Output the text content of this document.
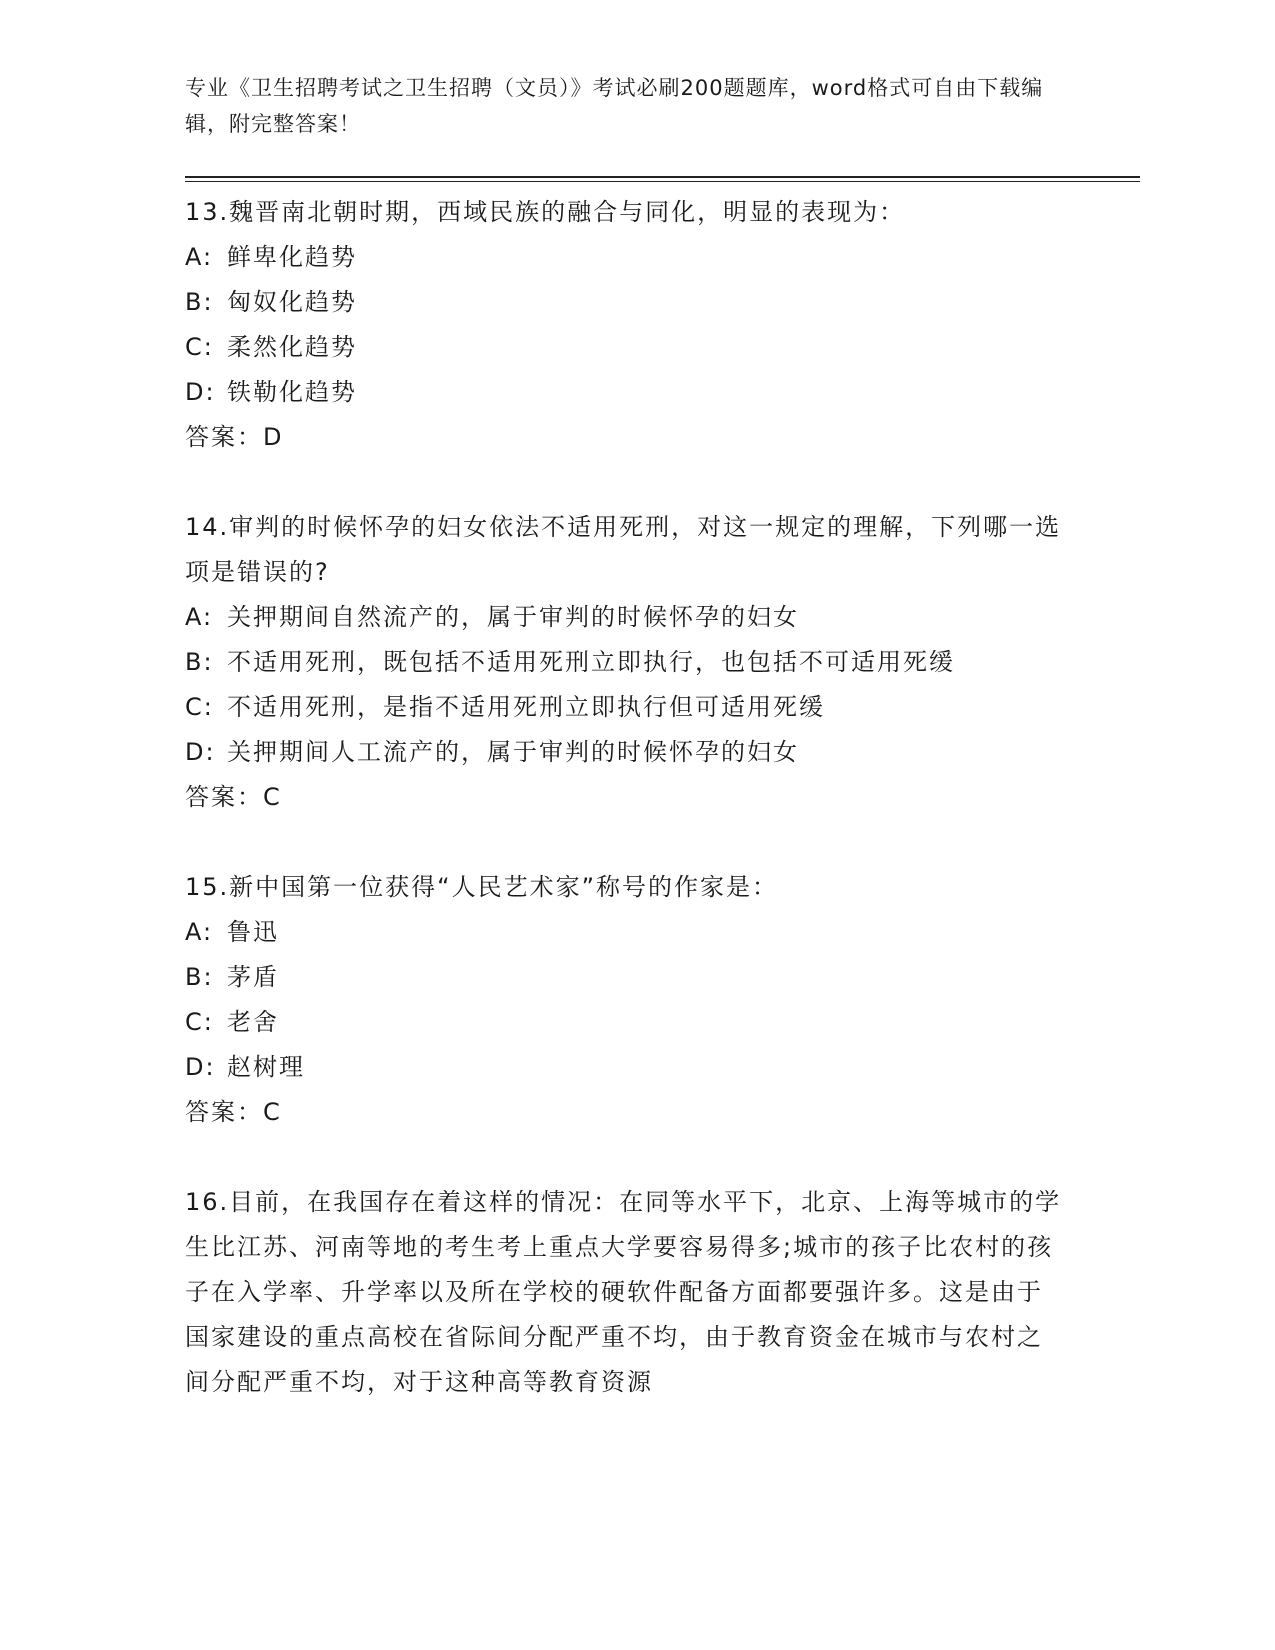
专业《卫生招聘考试之卫生招聘（文员）》考试必刷200题题库，word格式可自由下载编辑，附完整答案！
13.魏晋南北朝时期，西域民族的融合与同化，明显的表现为：
A: 鲜卑化趋势
B: 匈奴化趋势
C: 柔然化趋势
D: 铁勒化趋势
答案：D
14.审判的时候怀孕的妇女依法不适用死刑，对这一规定的理解，下列哪一选项是错误的?
A: 关押期间自然流产的，属于审判的时候怀孕的妇女
B: 不适用死刑，既包括不适用死刑立即执行，也包括不可适用死缓
C: 不适用死刑，是指不适用死刑立即执行但可适用死缓
D: 关押期间人工流产的，属于审判的时候怀孕的妇女
答案：C
15.新中国第一位获得“人民艺术家”称号的作家是：
A: 鲁迅
B: 茅盾
C: 老舍
D: 赵树理
答案：C
16.目前，在我国存在着这样的情况：在同等水平下，北京、上海等城市的学生比江苏、河南等地的考生考上重点大学要容易得多;城市的孩子比农村的孩子在入学率、升学率以及所在学校的硬软件配备方面都要强许多。这是由于国家建设的重点高校在省际间分配严重不均，由于教育资金在城市与农村之间分配严重不均，对于这种高等教育资源
